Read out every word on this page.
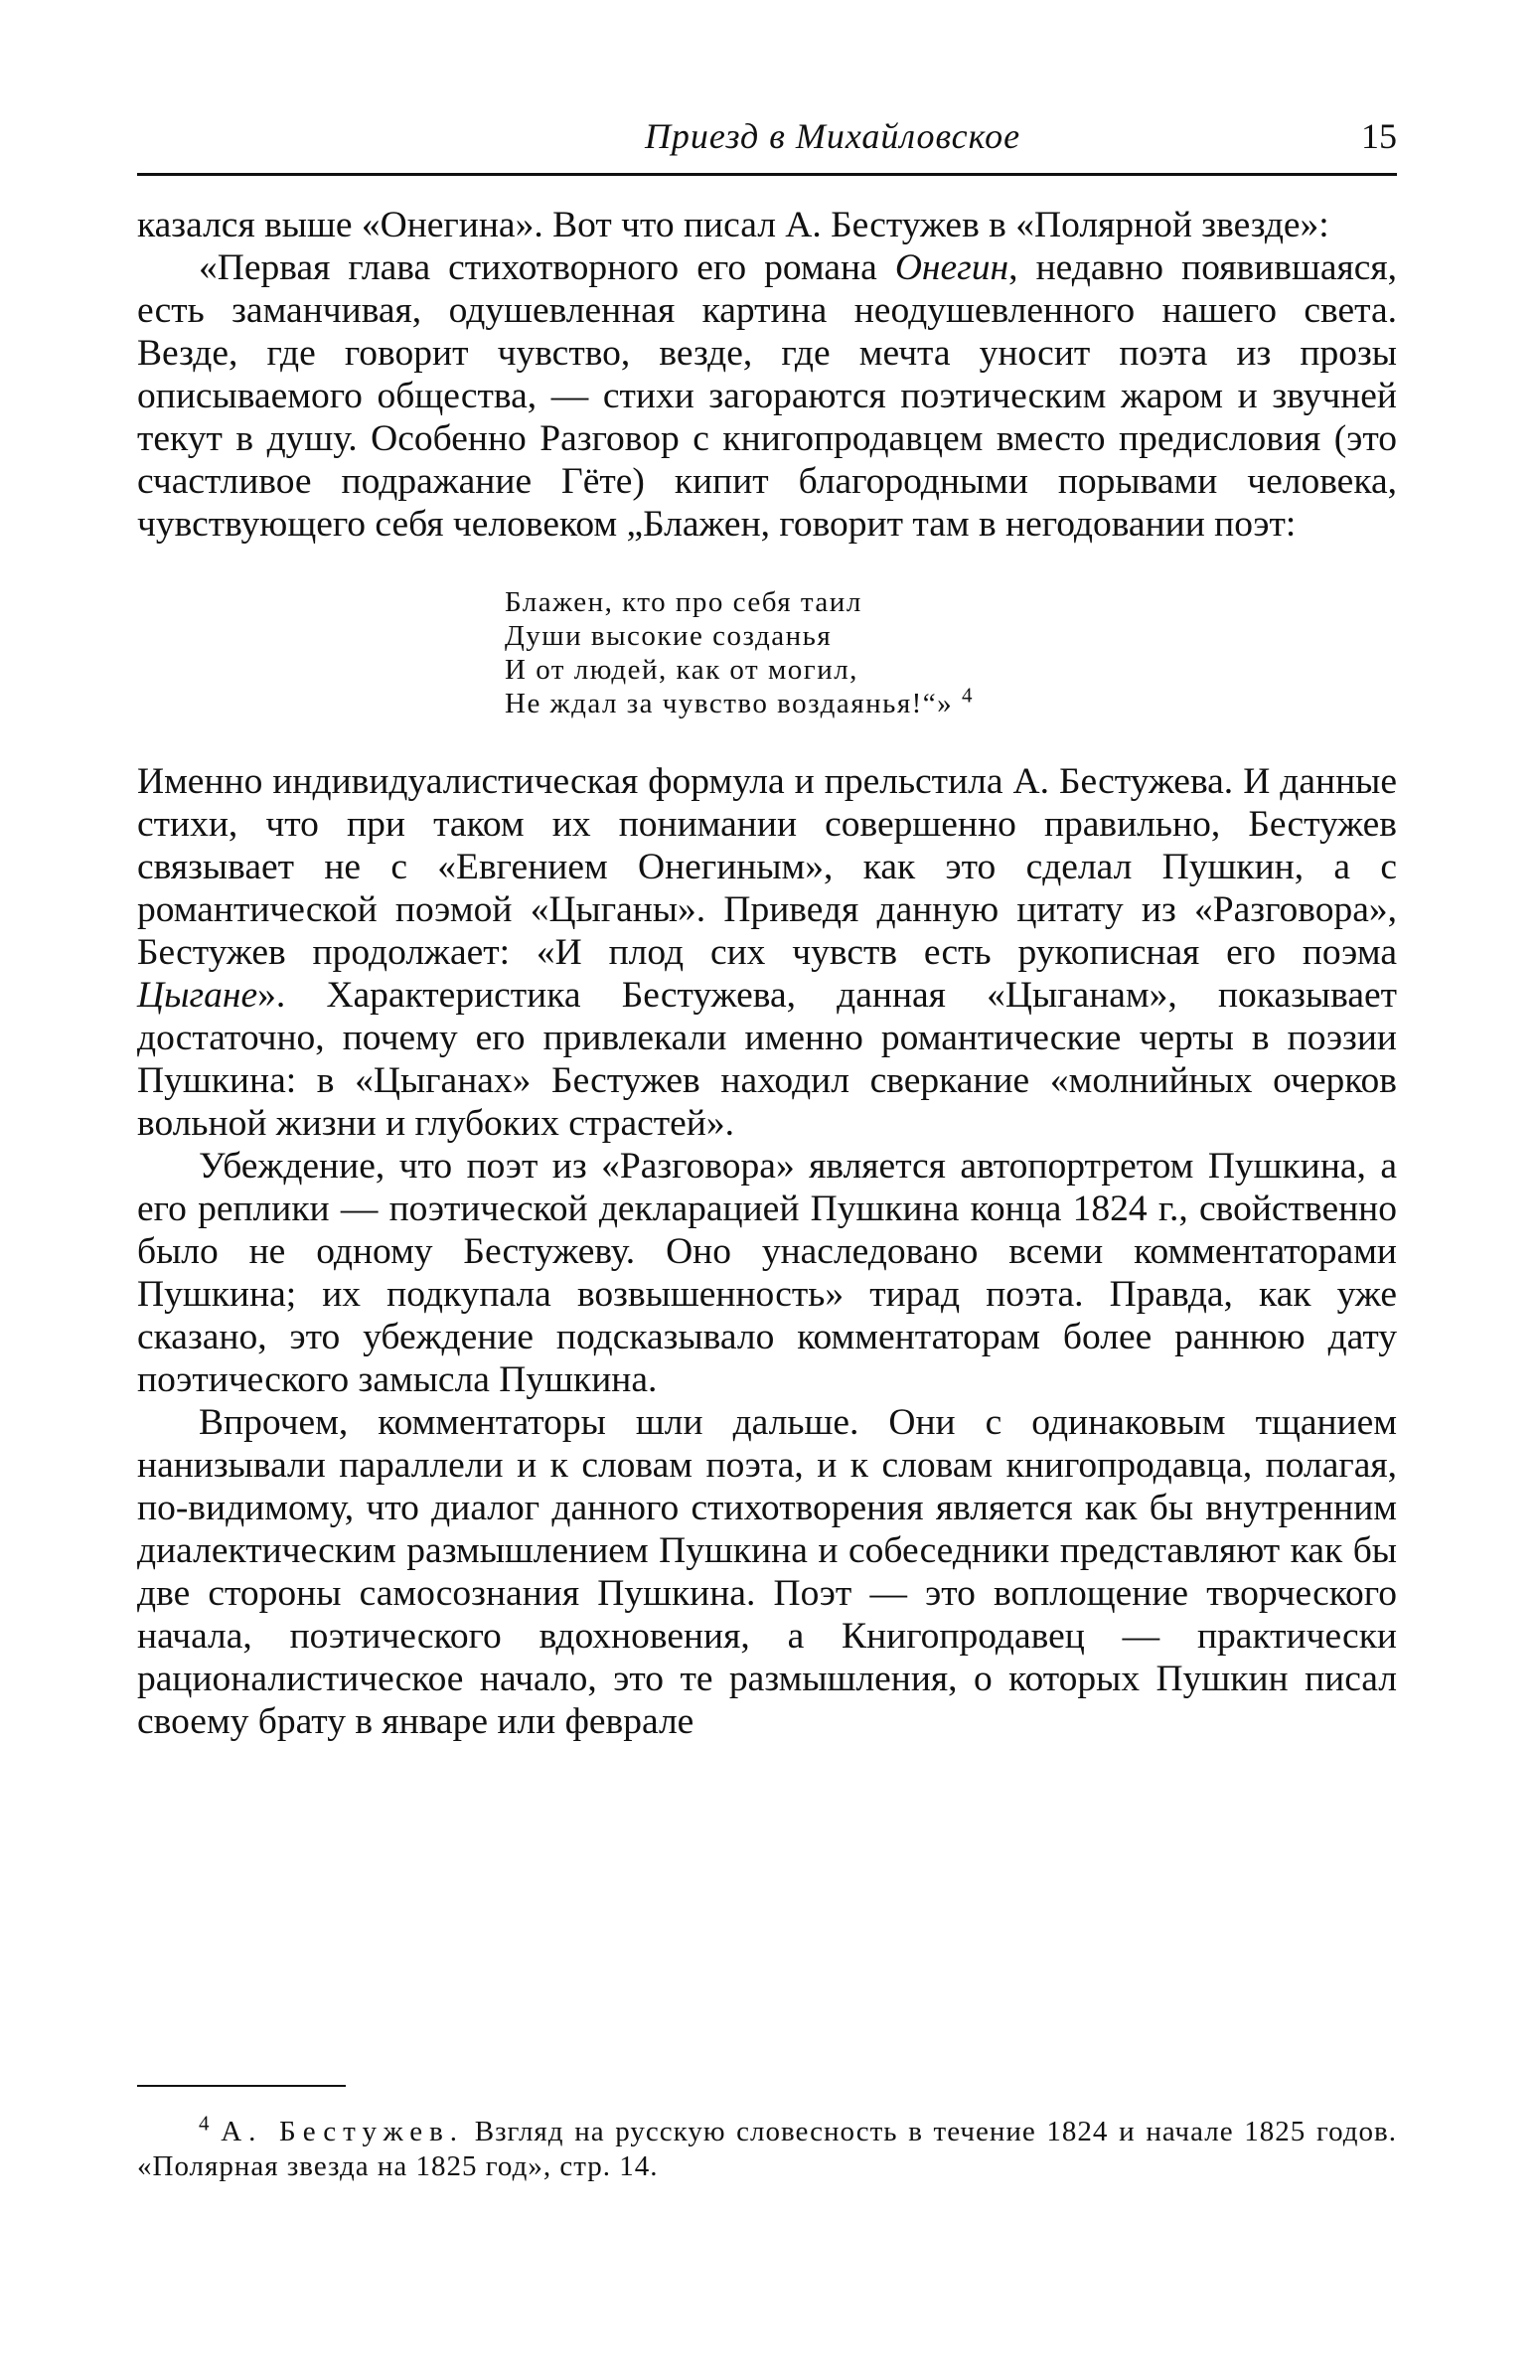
Приезд в Михайловское	15

казался выше «Онегина». Вот что писал А. Бестужев в «Полярной звезде»:

«Первая глава стихотворного его романа Онегин, недавно появившаяся, есть заманчивая, одушевленная картина неодушевленного нашего света. Везде, где говорит чувство, везде, где мечта уносит поэта из прозы описываемого общества, — стихи загораются поэтическим жаром и звучней текут в душу. Особенно Разговор с книгопродавцем вместо предисловия (это счастливое подражание Гёте) кипит благородными порывами человека, чувствующего себя человеком „Блажен, говорит там в негодовании поэт:

Блажен, кто про себя таил
Души высокие созданья
И от людей, как от могил,
Не ждал за чувство воздаянья!“» $^4$

Именно индивидуалистическая формула и прельстила А. Бестужева. И данные стихи, что при таком их понимании совершенно правильно, Бестужев связывает не с «Евгением Онегиным», как это сделал Пушкин, а с романтической поэмой «Цыганы». Приведя данную цитату из «Разговора», Бестужев продолжает: «И плод сих чувств есть рукописная его поэма Цыгане». Характеристика Бестужева, данная «Цыганам», показывает достаточно, почему его привлекали именно романтические черты в поэзии Пушкина: в «Цыганах» Бестужев находил сверкание «молнийных очерков вольной жизни и глубоких страстей».

Убеждение, что поэт из «Разговора» является автопортретом Пушкина, а его реплики — поэтической декларацией Пушкина конца 1824 г., свойственно было не одному Бестужеву. Оно унаследовано всеми комментаторами Пушкина; их подкупала возвышенность» тирад поэта. Правда, как уже сказано, это убеждение подсказывало комментаторам более раннюю дату поэтического замысла Пушкина.

Впрочем, комментаторы шли дальше. Они с одинаковым тщанием нанизывали параллели и к словам поэта, и к словам книгопродавца, полагая, по-видимому, что диалог данного стихотворения является как бы внутренним диалектическим размышлением Пушкина и собеседники представляют как бы две стороны самосознания Пушкина. Поэт — это воплощение творческого начала, поэтического вдохновения, а Книгопродавец — практически рационалистическое начало, это те размышления, о которых Пушкин писал своему брату в январе или феврале

$^4$ А. Бестужев. Взгляд на русскую словесность в течение 1824 и начале 1825 годов. «Полярная звезда на 1825 год», стр. 14.
